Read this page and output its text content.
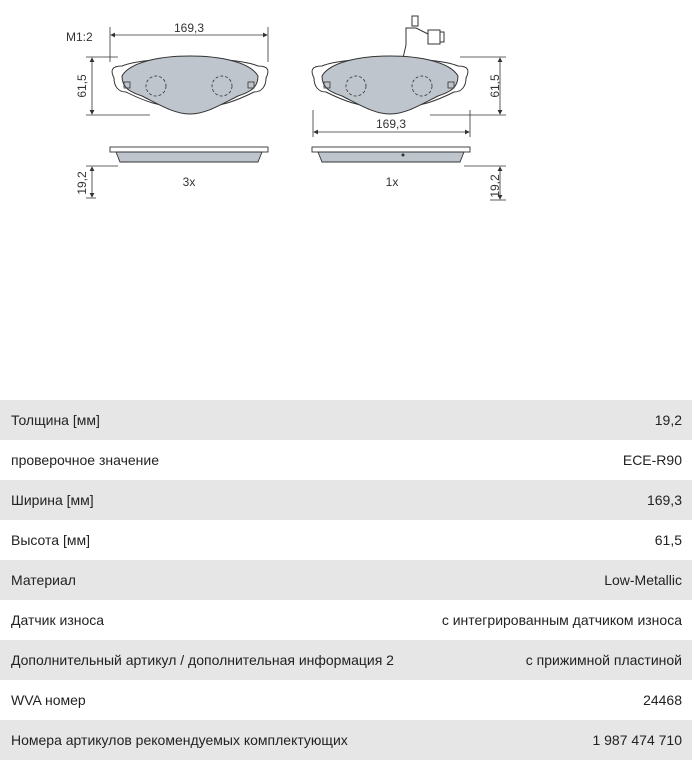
M1:2
169,3
61,5
19,2	3x
61,5
169,3
19,2
1x
Толщина [мм]	19,2
проверочное значение	ECE-R90
Ширина [мм]	169,3
Высота [мм]	61,5
Материал	Low-Metallic
Датчик износа	с интегрированным датчиком износа
Дополнительный артикул / дополнительная информация 2	с прижимной пластиной
WVA номер	24468
Номера артикулов рекомендуемых комплектующих	1 987 474 710
